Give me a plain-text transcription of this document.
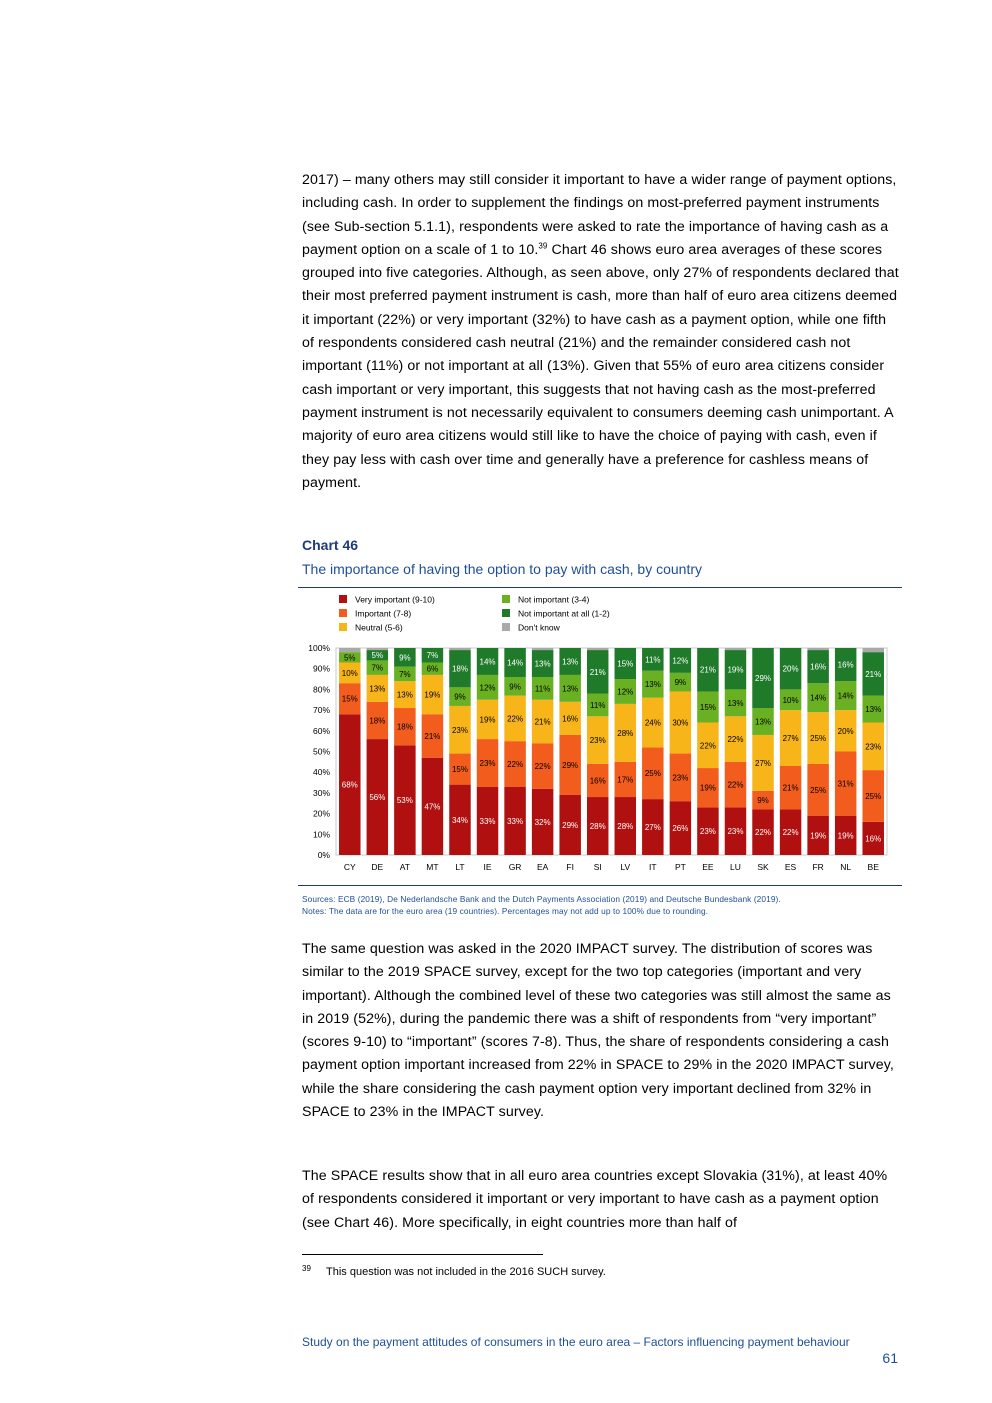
2017) – many others may still consider it important to have a wider range of payment options, including cash. In order to supplement the findings on most-preferred payment instruments (see Sub-section 5.1.1), respondents were asked to rate the importance of having cash as a payment option on a scale of 1 to 10.39 Chart 46 shows euro area averages of these scores grouped into five categories. Although, as seen above, only 27% of respondents declared that their most preferred payment instrument is cash, more than half of euro area citizens deemed it important (22%) or very important (32%) to have cash as a payment option, while one fifth of respondents considered cash neutral (21%) and the remainder considered cash not important (11%) or not important at all (13%). Given that 55% of euro area citizens consider cash important or very important, this suggests that not having cash as the most-preferred payment instrument is not necessarily equivalent to consumers deeming cash unimportant. A majority of euro area citizens would still like to have the choice of paying with cash, even if they pay less with cash over time and generally have a preference for cashless means of payment.

Chart 46
The importance of having the option to pay with cash, by country
Very important (9-10)	Not important (3-4)
Important (7-8)	Not important at all (1-2)
Neutral (5-6)	Don't know
0%
10%
20%
30%
40%
50%
60%
70%
80%
90%
100%
68%
15%
10%
5%
56%
18%
13%
7%
5%
53%
18%
13%
7%
9%
47%
21%
19%
6%
7%
34%
15%
23%
9%
18%
33%
23%
19%
12%
14%
33%
22%
22%
9%
14%
32%
22%
21%
11%
13%
29%
29%
16%
13%
13%
28%
16%
23%
11%
21%
28%
17%
28%
12%
15%
27%
25%
24%
13%
11%
26%
23%
30%
9%
12%
23%
19%
22%
15%
21%
23%
22%
22%
13%
19%
22%
9%
27%
13%
29%
22%
21%
27%
10%
20%
19%
25%
25%
14%
16%
19%
31%
20%
14%
16%
16%
25%
23%
13%
21%
CY DE AT MT LT IE GR EA FI SI LV IT PT EE LU SK ES FR NL BE
Sources: ECB (2019), De Nederlandsche Bank and the Dutch Payments Association (2019) and Deutsche Bundesbank (2019).
Notes: The data are for the euro area (19 countries). Percentages may not add up to 100% due to rounding.

The same question was asked in the 2020 IMPACT survey. The distribution of scores was similar to the 2019 SPACE survey, except for the two top categories (important and very important). Although the combined level of these two categories was still almost the same as in 2019 (52%), during the pandemic there was a shift of respondents from “very important” (scores 9-10) to “important” (scores 7-8). Thus, the share of respondents considering a cash payment option important increased from 22% in SPACE to 29% in the 2020 IMPACT survey, while the share considering the cash payment option very important declined from 32% in SPACE to 23% in the IMPACT survey.

The SPACE results show that in all euro area countries except Slovakia (31%), at least 40% of respondents considered it important or very important to have cash as a payment option (see Chart 46). More specifically, in eight countries more than half of

39 This question was not included in the 2016 SUCH survey.
Study on the payment attitudes of consumers in the euro area – Factors influencing payment behaviour
61
